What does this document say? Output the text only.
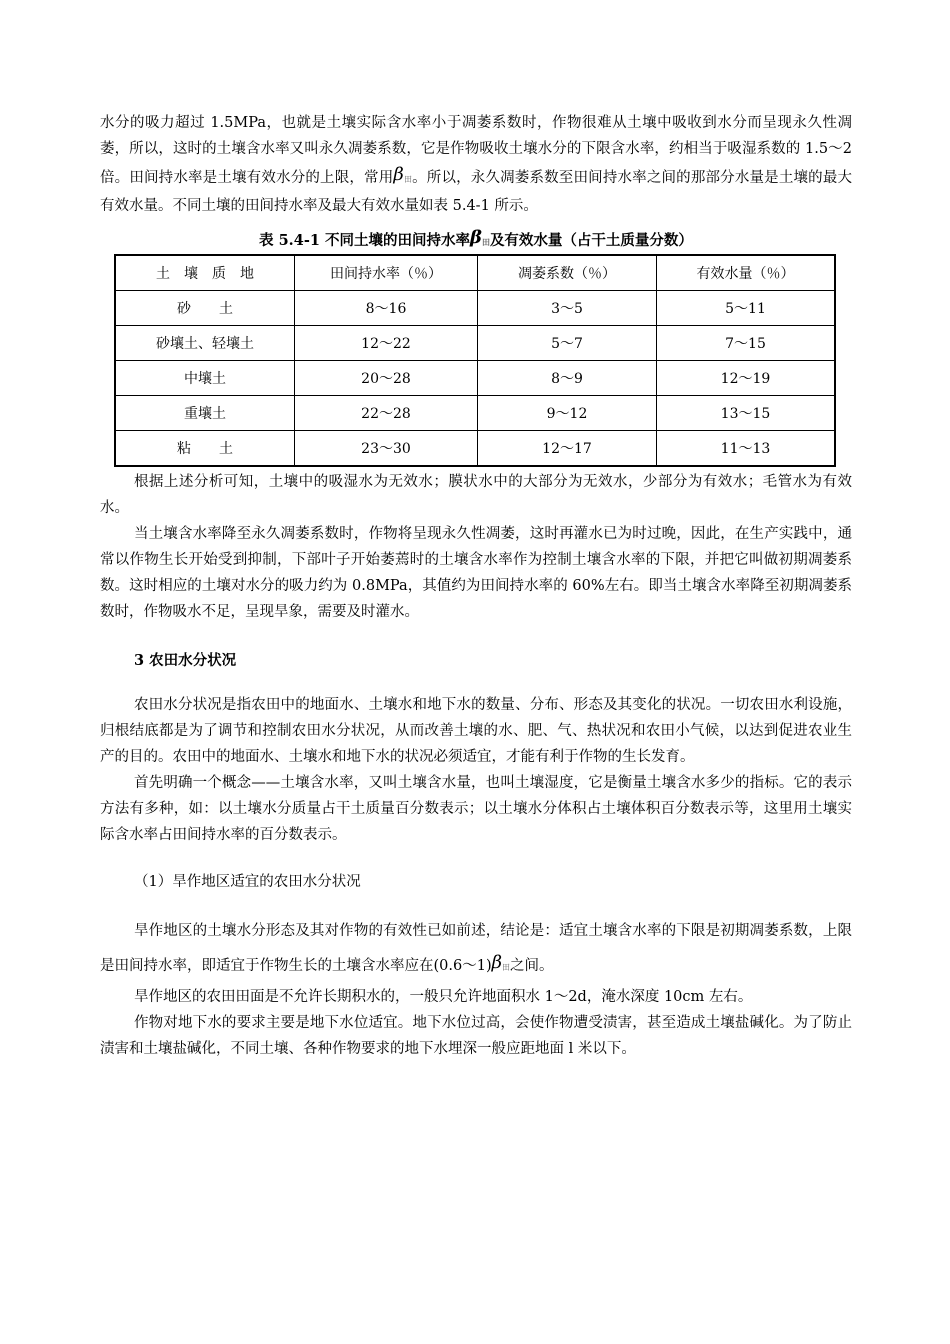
水分的吸力超过 1.5MPa，也就是土壤实际含水率小于凋萎系数时，作物很难从土壤中吸收到水分而呈现永久性凋萎，所以，这时的土壤含水率又叫永久凋萎系数，它是作物吸收土壤水分的下限含水率，约相当于吸湿系数的 1.5～2 倍。田间持水率是土壤有效水分的上限，常用$\beta_田$。所以，永久凋萎系数至田间持水率之间的那部分水量是土壤的最大有效水量。不同土壤的田间持水率及最大有效水量如表 5.4-1 所示。

表 5.4-1 不同土壤的田间持水率$\beta_田$及有效水量（占干土质量分数）
土　壤　质　地	田间持水率（％）	凋萎系数（％）	有效水量（％）
砂　　土	8～16	3～5	5～11
砂壤土、轻壤土	12～22	5～7	7～15
中壤土	20～28	8～9	12～19
重壤土	22～28	9～12	13～15
粘　　土	23～30	12～17	11～13

根据上述分析可知，土壤中的吸湿水为无效水；膜状水中的大部分为无效水，少部分为有效水；毛管水为有效水。

当土壤含水率降至永久凋萎系数时，作物将呈现永久性凋萎，这时再灌水已为时过晚，因此，在生产实践中，通常以作物生长开始受到抑制，下部叶子开始萎蔫时的土壤含水率作为控制土壤含水率的下限，并把它叫做初期凋萎系数。这时相应的土壤对水分的吸力约为 0.8MPa，其值约为田间持水率的 60%左右。即当土壤含水率降至初期凋萎系数时，作物吸水不足，呈现旱象，需要及时灌水。

3 农田水分状况

农田水分状况是指农田中的地面水、土壤水和地下水的数量、分布、形态及其变化的状况。一切农田水利设施，归根结底都是为了调节和控制农田水分状况，从而改善土壤的水、肥、气、热状况和农田小气候，以达到促进农业生产的目的。农田中的地面水、土壤水和地下水的状况必须适宜，才能有利于作物的生长发育。

首先明确一个概念——土壤含水率，又叫土壤含水量，也叫土壤湿度，它是衡量土壤含水多少的指标。它的表示方法有多种，如：以土壤水分质量占干土质量百分数表示；以土壤水分体积占土壤体积百分数表示等，这里用土壤实际含水率占田间持水率的百分数表示。

（1）旱作地区适宜的农田水分状况

旱作地区的土壤水分形态及其对作物的有效性已如前述，结论是：适宜土壤含水率的下限是初期凋萎系数，上限是田间持水率，即适宜于作物生长的土壤含水率应在$(0.6\sim 1)\beta_田$之间。

旱作地区的农田田面是不允许长期积水的，一般只允许地面积水 1～2d，淹水深度 10cm 左右。

作物对地下水的要求主要是地下水位适宜。地下水位过高，会使作物遭受渍害，甚至造成土壤盐碱化。为了防止渍害和土壤盐碱化，不同土壤、各种作物要求的地下水埋深一般应距地面 l 米以下。
